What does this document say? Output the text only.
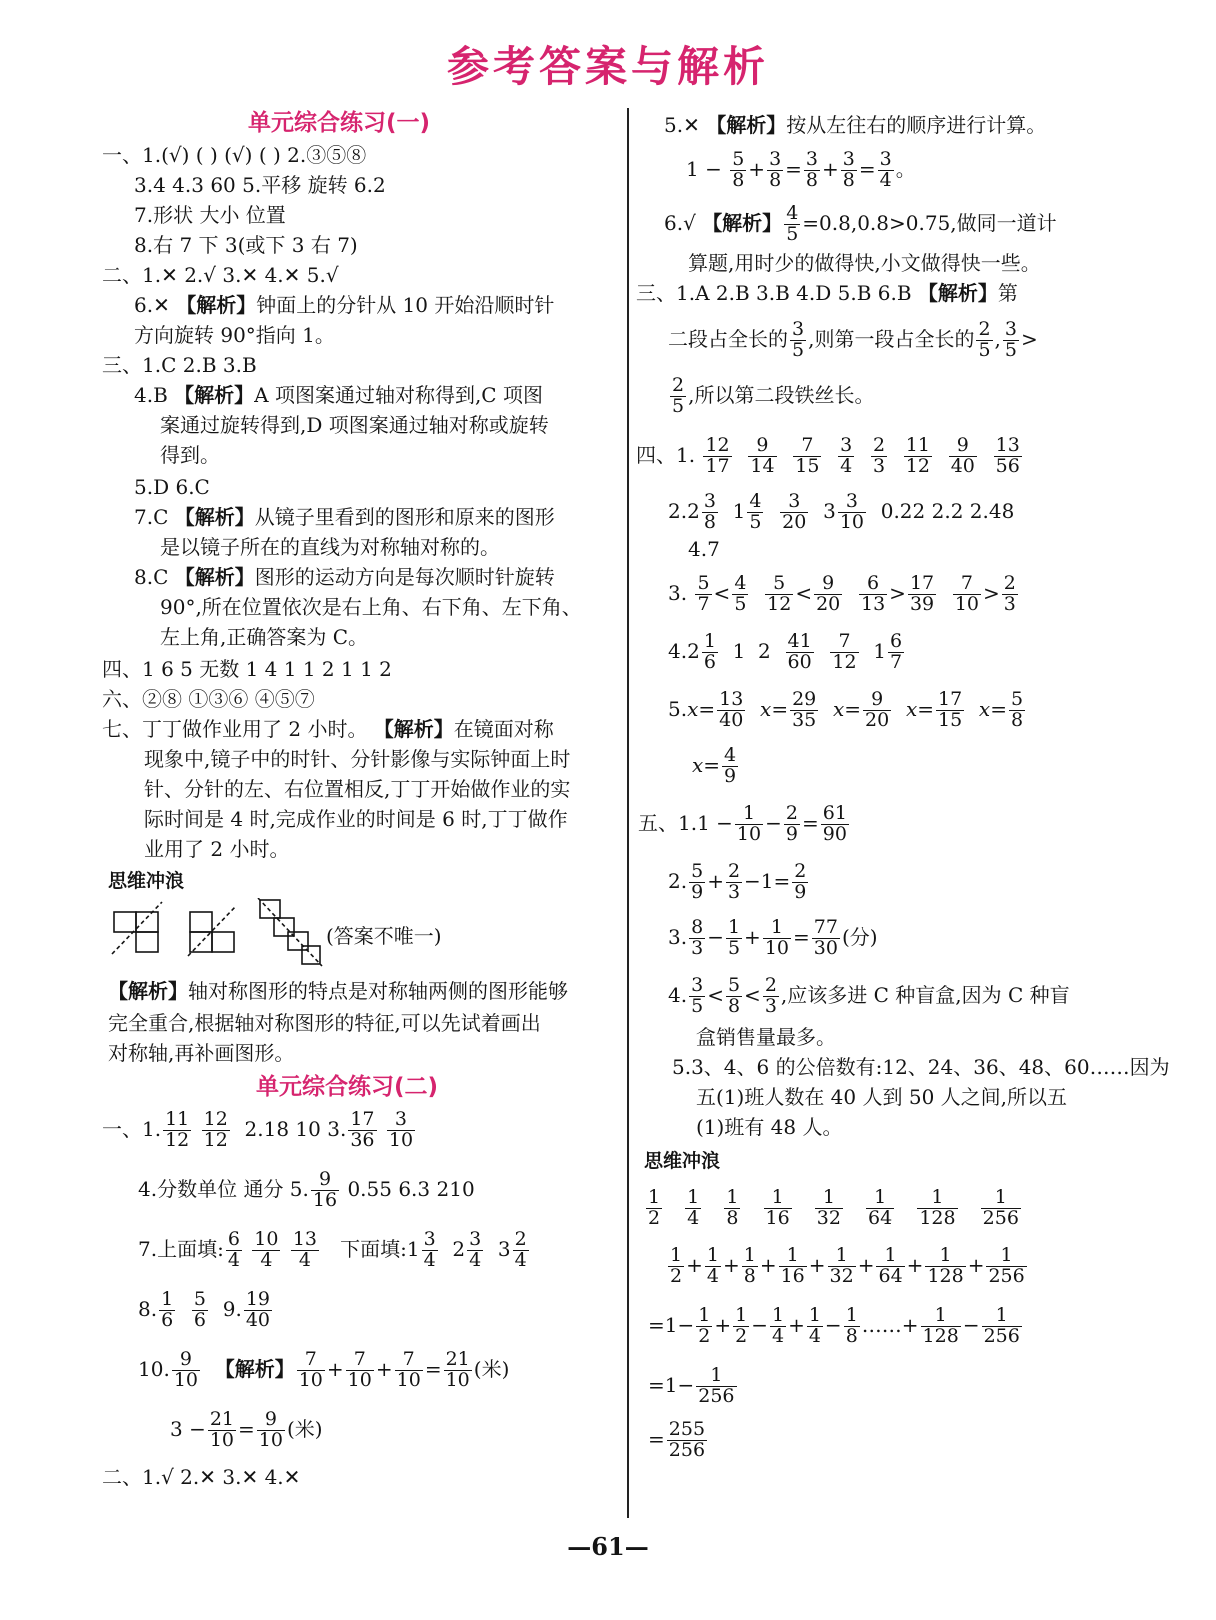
参考答案与解析
单元综合练习(一)
一、1.(√) ( ) (√) ( ) 2.③⑤⑧
3.4 4.3 60 5.平移 旋转 6.2
7.形状 大小 位置
8.右 7 下 3(或下 3 右 7)
二、1.✕ 2.√ 3.✕ 4.✕ 5.√
6.✕ 【解析】钟面上的分针从 10 开始沿顺时针
方向旋转 90°指向 1。
三、1.C 2.B 3.B
4.B 【解析】A 项图案通过轴对称得到,C 项图
案通过旋转得到,D 项图案通过轴对称或旋转
得到。
5.D 6.C
7.C 【解析】从镜子里看到的图形和原来的图形
是以镜子所在的直线为对称轴对称的。
8.C 【解析】图形的运动方向是每次顺时针旋转
90°,所在位置依次是右上角、右下角、左下角、
左上角,正确答案为 C。
四、1 6 5 无数 1 4 1 1 2 1 1 2
六、②⑧ ①③⑥ ④⑤⑦
七、丁丁做作业用了 2 小时。 【解析】在镜面对称
现象中,镜子中的时针、分针影像与实际钟面上时
针、分针的左、右位置相反,丁丁开始做作业的实
际时间是 4 时,完成作业的时间是 6 时,丁丁做作
业用了 2 小时。
思维冲浪
(答案不唯一)
【解析】轴对称图形的特点是对称轴两侧的图形能够
完全重合,根据轴对称图形的特征,可以先试着画出
对称轴,再补画图形。
单元综合练习(二)
一、1. $\frac{11}{12}$
$\frac{12}{12} 2.18$ 10 3. $\frac{17}{36}$
$\frac{3}{10}$
4.分数单位 通分 5. $\frac{9}{16} 0.55$ 6.3 210
7.上面填: $\frac{6}{4}$
$\frac{10}{4}$
$\frac{13}{4}$ 下面填:1 $\frac{3}{4} 2 \frac{3}{4} 3 \frac{2}{4}$
8. $\frac{1}{6}$
$\frac{5}{6} 9$. $\frac{19}{40}$
10. $\frac{9}{10}$ 【解析】 $\frac{7}{10} + \frac{7}{10} + \frac{7}{10} = \frac{21}{10}$ (米)
$3 - \frac{21}{10} = \frac{9}{10}$ (米)
二、1.√ 2.✕ 3.✕ 4.✕
5.✕ 【解析】按从左往右的顺序进行计算。
$1 - \frac{5}{8} + \frac{3}{8} = \frac{3}{8} + \frac{3}{8} = \frac{3}{4}$ 。
6.√ 【解析】 $\frac{4}{5} =0.8,0.8>0.75$,做同一道计
算题,用时少的做得快,小文做得快一些。
三、1.A 2.B 3.B 4.D 5.B 6.B 【解析】第
二段占全长的 $\frac{3}{5}$ ,则第一段占全长的 $\frac{2}{5}$ , $\frac{3}{5}$ >
$\frac{2}{5}$ ,所以第二段铁丝长。
四、1. $\frac{12}{17}$
$\frac{9}{14}$
$\frac{7}{15}$
$\frac{3}{4}$
$\frac{2}{3}$
$\frac{11}{12}$
$\frac{9}{40}$
$\frac{13}{56}$
$2.2 \frac{3}{8} 1 \frac{4}{5}$
$\frac{3}{20} 3 \frac{3}{10} 0.22$ 2.2 2.48
4.7
3. $\frac{5}{7} < \frac{4}{5}$
$\frac{5}{12} < \frac{9}{20}$
$\frac{6}{13} > \frac{17}{39}$
$\frac{7}{10} > \frac{2}{3}$
$4.2 \frac{1}{6} 1$  $2 \frac{41}{60}$
$\frac{7}{12} 1 \frac{6}{7}$
$5.x= \frac{13}{40} x= \frac{29}{35} x= \frac{9}{20} x= \frac{17}{15} x= \frac{5}{8}$
$x= \frac{4}{9}$
五、$1.1 - \frac{1}{10} - \frac{2}{9} = \frac{61}{90}$
2. $\frac{5}{9} + \frac{2}{3} -1= \frac{2}{9}$
3. $\frac{8}{3} - \frac{1}{5} + \frac{1}{10} = \frac{77}{30}$ (分)
4. $\frac{3}{5} < \frac{5}{8} < \frac{2}{3}$ ,应该多进 C 种盲盒,因为 C 种盲
盒销售量最多。
5.3、4、6 的公倍数有:12、24、36、48、60……因为
五(1)班人数在 40 人到 50 人之间,所以五
(1)班有 48 人。
思维冲浪
$\frac{1}{2}$
$\frac{1}{4}$
$\frac{1}{8}$
$\frac{1}{16}$
$\frac{1}{32}$
$\frac{1}{64}$
$\frac{1}{128}$
$\frac{1}{256}$
$\frac{1}{2} + \frac{1}{4} + \frac{1}{8} + \frac{1}{16} + \frac{1}{32} + \frac{1}{64} + \frac{1}{128} + \frac{1}{256}$
$=1- \frac{1}{2} + \frac{1}{2} - \frac{1}{4} + \frac{1}{4} - \frac{1}{8}$ ……+ $\frac{1}{128} - \frac{1}{256}$
$=1- \frac{1}{256}$
= $\frac{255}{256}$
—61—
